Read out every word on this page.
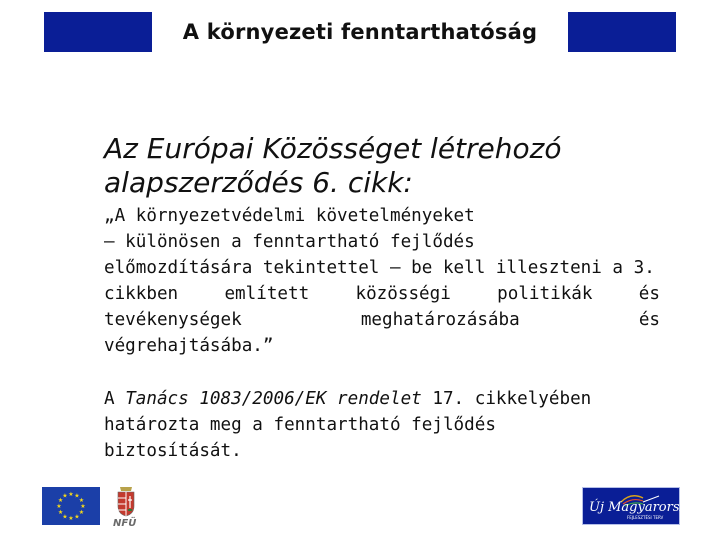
A környezeti fenntarthatóság
Az Európai Közösséget létrehozó
alapszerződés 6. cikk:
„A környezetvédelmi követelményeket
— különösen a fenntartható fejlődés
előmozdítására tekintettel — be kell illeszteni a 3.
cikkben	említett	közösségi	politikák	és
tevékenységek	meghatározásába	és
végrehajtásába.”
A Tanács 1083/2006/EK rendelet 17. cikkelyében
határozta meg a fenntartható fejlődés
biztosítását.
★ ★
★
★
★
★
★
★
★
★
★
★
NFÜ
Új Magyarország
FEJLESZTÉSI TERV
